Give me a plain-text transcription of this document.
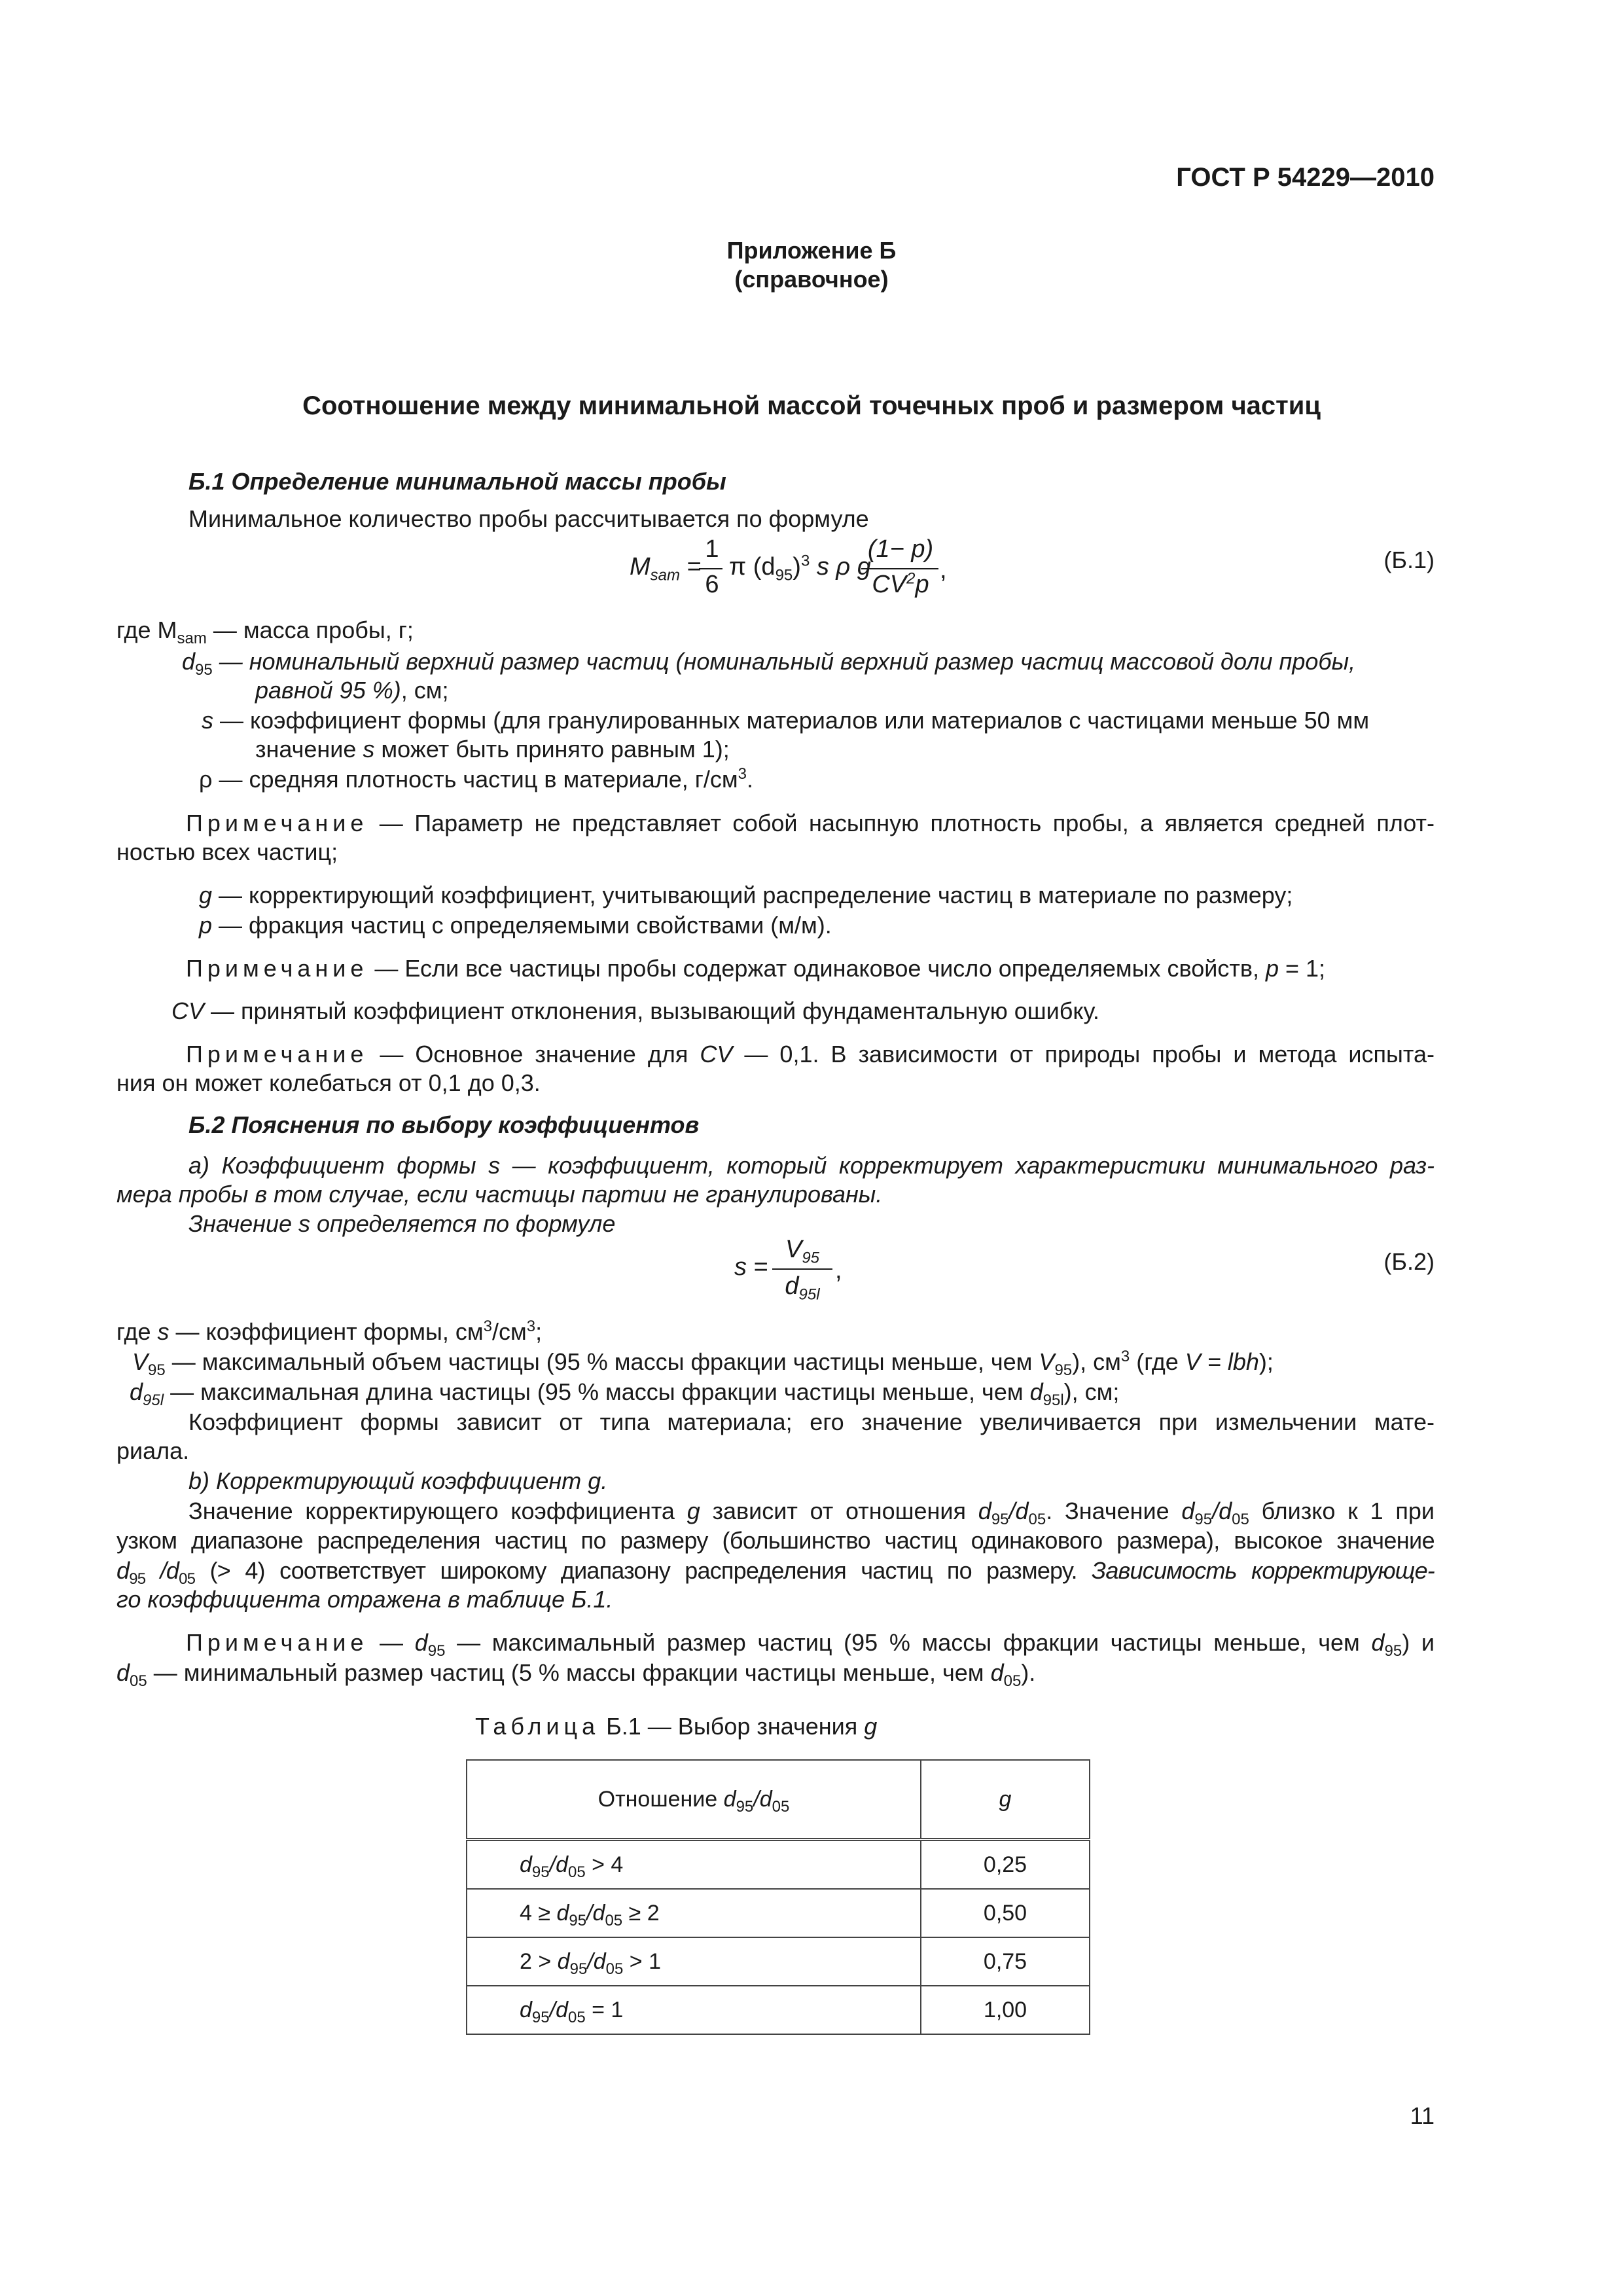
ГОСТ Р 54229—2010
Приложение Б
(справочное)
Соотношение между минимальной массой точечных проб и размером частиц
Б.1 Определение минимальной массы пробы
Минимальное количество пробы рассчитывается по формуле
$M_{sam}$ =
1
6
π $(d_{95})^3$ s ρ g
(1− p)
$CV^2p$
,	(Б.1)
где $M_{sam}$ — масса пробы, г;
$d_{95}$ — номинальный верхний размер частиц (номинальный верхний размер частиц массовой доли пробы,
равной 95 %), см;
s — коэффициент формы (для гранулированных материалов или материалов с частицами меньше 50 мм
значение s может быть принято равным 1);
ρ — средняя плотность частиц в материале, $г/см^3$.
Примечание — Параметр не представляет собой насыпную плотность пробы, а является средней плот-
ностью всех частиц;
g — корректирующий коэффициент, учитывающий распределение частиц в материале по размеру;
p — фракция частиц с определяемыми свойствами (м/м).
Примечание — Если все частицы пробы содержат одинаковое число определяемых свойств, p = 1;
CV — принятый коэффициент отклонения, вызывающий фундаментальную ошибку.
Примечание — Основное значение для CV — 0,1. В зависимости от природы пробы и метода испыта-
ния он может колебаться от 0,1 до 0,3.
Б.2 Пояснения по выбору коэффициентов
а) Коэффициент формы s — коэффициент, который корректирует характеристики минимального раз-
мера пробы в том случае, если частицы партии не гранулированы.
Значение s определяется по формуле
s =
$V_{95}$
$d_{95l}$
,	(Б.2)
где s — коэффициент формы, $см^3/см^3$;
$V_{95}$ — максимальный объем частицы (95 % массы фракции частицы меньше, чем $V_{95}$), $см^3$ (где V = lbh);
$d_{95l}$ — максимальная длина частицы (95 % массы фракции частицы меньше, чем $d_{95l}$), см;
Коэффициент формы зависит от типа материала; его значение увеличивается при измельчении мате-
риала.
b) Корректирующий коэффициент g.
Значение корректирующего коэффициента g зависит от отношения $d_{95}/d_{05}$. Значение $d_{95}/d_{05}$ близко к 1 при
узком диапазоне распределения частиц по размеру (большинство частиц одинакового размера), высокое значение
$d_{95}$ $/d_{05}$ (> 4) соответствует широкому диапазону распределения частиц по размеру. Зависимость корректирующе-
го коэффициента отражена в таблице Б.1.
Примечание — $d_{95}$ — максимальный размер частиц (95 % массы фракции частицы меньше, чем $d_{95}$) и
$d_{05}$ — минимальный размер частиц (5 % массы фракции частицы меньше, чем $d_{05}$).
Таблица Б.1 — Выбор значения g
Отношение $d_{95}/d_{05}$	g
$d_{95}/d_{05} > 4$	0,25
$4 \ge d_{95}/d_{05} \ge 2$	0,50
$2 > d_{95}/d_{05} > 1$	0,75
$d_{95}/d_{05} = 1$	1,00
11
